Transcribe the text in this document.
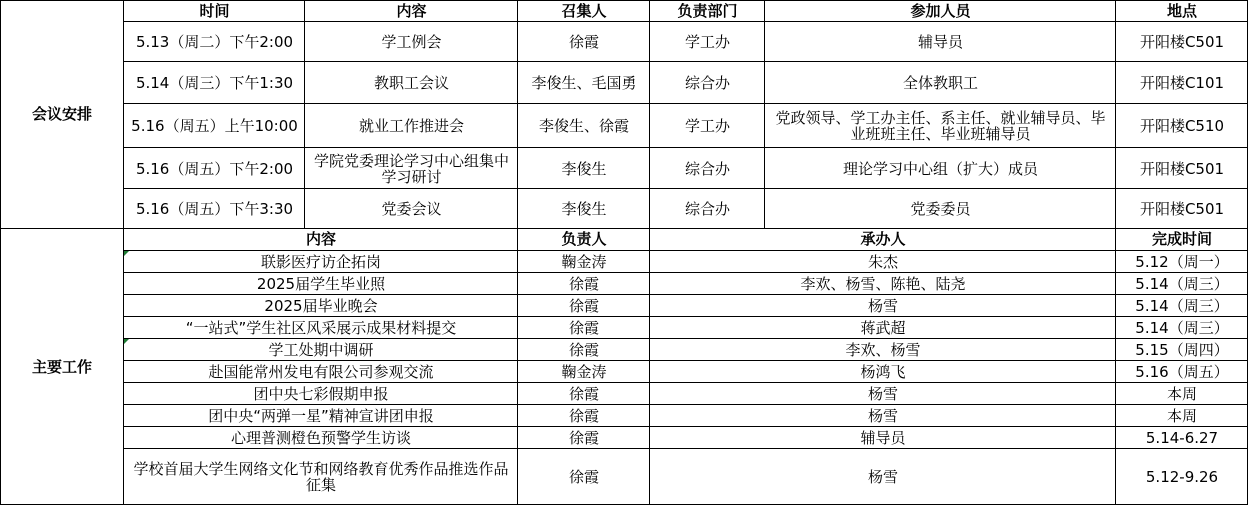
会议安排
主要工作
时间	内容	召集人	负责部门	参加人员	地点
5.13（周二）下午2:00	学工例会	徐霞	学工办	辅导员	开阳楼C501
5.14（周三）下午1:30	教职工会议	李俊生、毛国勇	综合办	全体教职工	开阳楼C101
5.16（周五）上午10:00	就业工作推进会	李俊生、徐霞	学工办	党政领导、学工办主任、系主任、就业辅导员、毕业班班主任、毕业班辅导员	开阳楼C510
5.16（周五）下午2:00	学院党委理论学习中心组集中学习研讨	李俊生	综合办	理论学习中心组（扩大）成员	开阳楼C501
5.16（周五）下午3:30	党委会议	李俊生	综合办	党委委员	开阳楼C501
内容	负责人	承办人	完成时间
联影医疗访企拓岗	鞠金涛	朱杰	5.12（周一）
2025届学生毕业照	徐霞	李欢、杨雪、陈艳、陆尧	5.14（周三）
2025届毕业晚会	徐霞	杨雪	5.14（周三）
“一站式”学生社区风采展示成果材料提交	徐霞	蒋武超	5.14（周三）
学工处期中调研	徐霞	李欢、杨雪	5.15（周四）
赴国能常州发电有限公司参观交流	鞠金涛	杨鸿飞	5.16（周五）
团中央七彩假期申报	徐霞	杨雪	本周
团中央“两弹一星”精神宣讲团申报	徐霞	杨雪	本周
心理普测橙色预警学生访谈	徐霞	辅导员	5.14-6.27
学校首届大学生网络文化节和网络教育优秀作品推选作品征集	徐霞	杨雪	5.12-9.26
